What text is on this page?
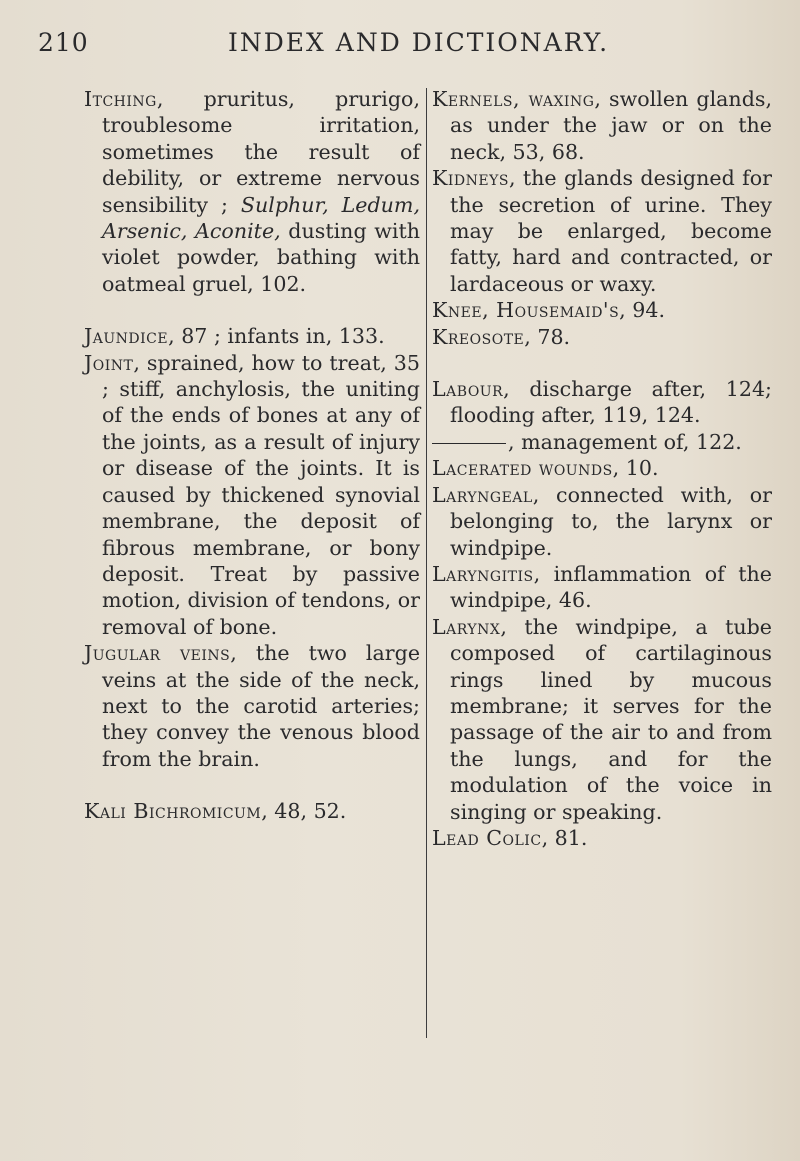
210	INDEX AND DICTIONARY.

Itching, pruritus, prurigo, troublesome irritation, sometimes the result of debility, or extreme nervous sensibility ; Sulphur, Ledum, Arsenic, Aconite, dusting with violet powder, bathing with oatmeal gruel, 102.

Jaundice, 87 ; infants in, 133.

Joint, sprained, how to treat, 35 ; stiff, anchylosis, the uniting of the ends of bones at any of the joints, as a result of injury or disease of the joints. It is caused by thickened synovial membrane, the deposit of fibrous membrane, or bony deposit. Treat by passive motion, division of tendons, or removal of bone.

Jugular veins, the two large veins at the side of the neck, next to the carotid arteries; they convey the venous blood from the brain.

Kali Bichromicum, 48, 52.

Kernels, waxing, swollen glands, as under the jaw or on the neck, 53, 68.

Kidneys, the glands designed for the secretion of urine. They may be enlarged, become fatty, hard and contracted, or lardaceous or waxy.

Knee, Housemaid's, 94.

Kreosote, 78.

Labour, discharge after, 124; flooding after, 119, 124.

, management of, 122.

Lacerated wounds, 10.

Laryngeal, connected with, or belonging to, the larynx or windpipe.

Laryngitis, inflammation of the windpipe, 46.

Larynx, the windpipe, a tube composed of cartilaginous rings lined by mucous membrane; it serves for the passage of the air to and from the lungs, and for the modulation of the voice in singing or speaking.

Lead Colic, 81.
